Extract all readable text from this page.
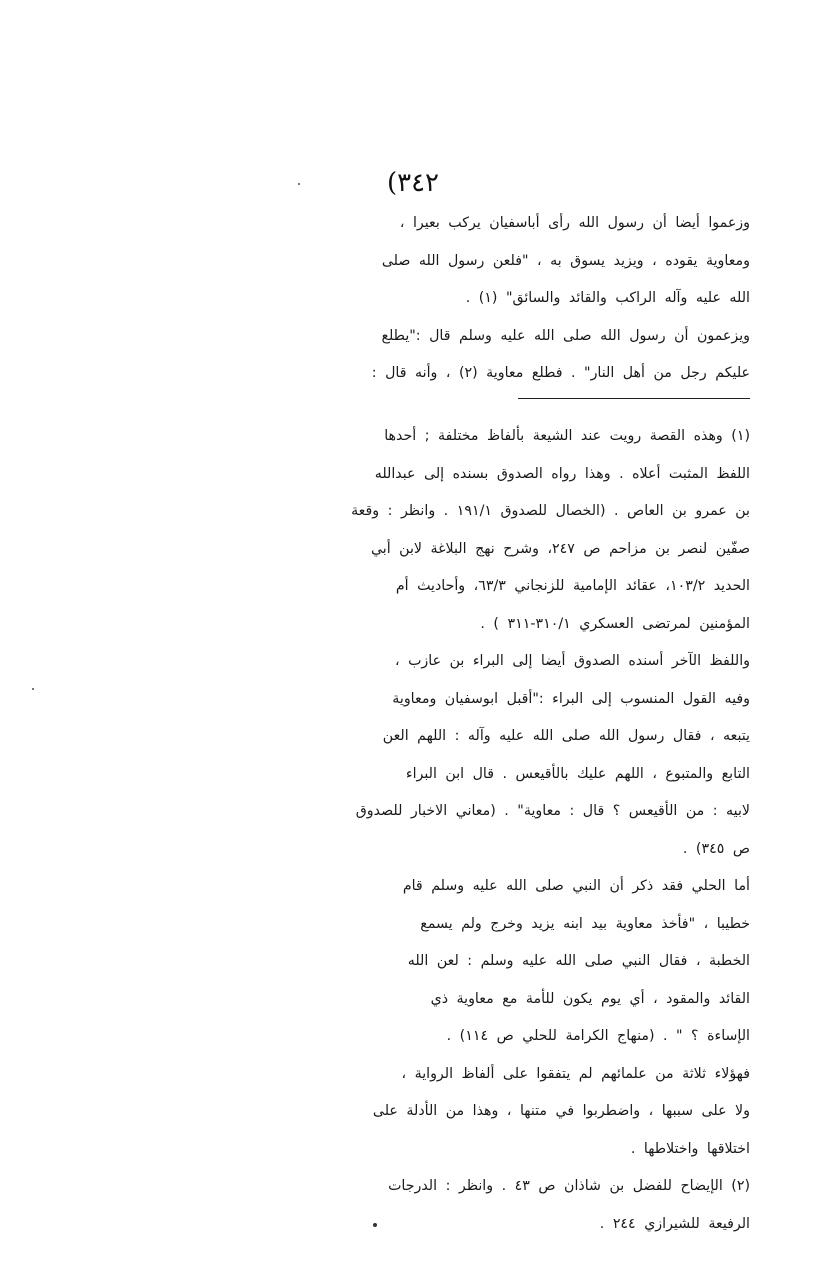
٣٤٢)
وزعموا أيضا أن رسول الله رأى أباسفيان يركب بعيرا ،
ومعاوية يقوده ، ويزيد يسوق به ، "فلعن رسول الله صلى
الله عليه وآله الراكب والقائد والسائق" (١) .
ويزعمون أن رسول الله صلى الله عليه وسلم قال :"يطلع
عليكم رجل من أهل النار" . فطلع معاوية (٢) ، وأنه قال :
(١) وهذه القصة رويت عند الشيعة بألفاظ مختلفة ; أحدها
اللفظ المثبت أعلاه . وهذا رواه الصدوق بسنده إلى عبدالله
بن عمرو بن العاص . (الخصال للصدوق ١٩١/١ . وانظر : وقعة
صفّين لنصر بن مزاحم ص ٢٤٧، وشرح نهج البلاغة لابن أبي
الحديد ١٠٣/٢، عقائد الإمامية للزنجاني ٦٣/٣، وأحاديث أم
المؤمنين لمرتضى العسكري ٣١٠/١-٣١١ ) .
واللفظ الآخر أسنده الصدوق أيضا إلى البراء بن عازب ،
وفيه القول المنسوب إلى البراء :"أقبل ابوسفيان ومعاوية
يتبعه ، فقال رسول الله صلى الله عليه وآله : اللهم العن
التابع والمتبوع ، اللهم عليك بالأقيعس . قال ابن البراء
لابيه : من الأقيعس ؟ قال : معاوية" . (معاني الاخبار للصدوق
ص ٣٤٥) .
أما الحلي فقد ذكر أن النبي صلى الله عليه وسلم قام
خطيبا ، "فأخذ معاوية بيد ابنه يزيد وخرج ولم يسمع
الخطبة ، فقال النبي صلى الله عليه وسلم : لعن الله
القائد والمقود ، أي يوم يكون للأمة مع معاوية ذي
الإساءة ؟ " . (منهاج الكرامة للحلي ص ١١٤) .
فهؤلاء ثلاثة من علمائهم لم يتفقوا على ألفاظ الرواية ،
ولا على سببها ، واضطربوا في متنها ، وهذا من الأدلة على
اختلاقها واختلاطها .
(٢) الإيضاح للفضل بن شاذان ص ٤٣ . وانظر : الدرجات
الرفيعة للشيرازي ٢٤٤ .
